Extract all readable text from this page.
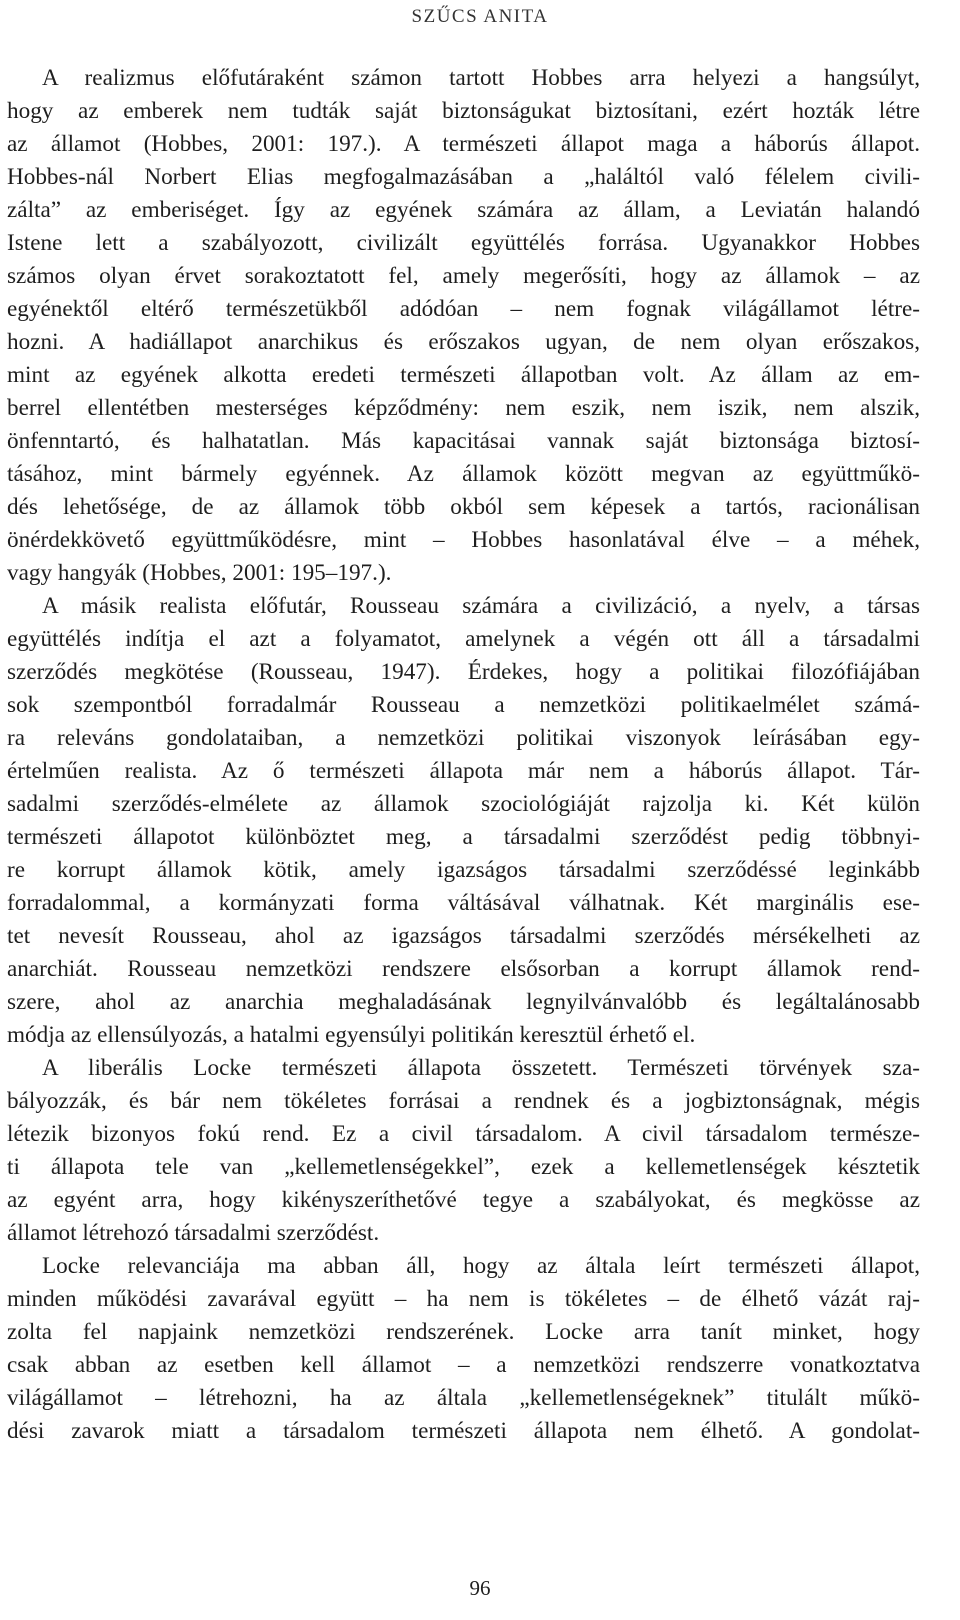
SZŰCS ANITA

A realizmus előfutáraként számon tartott Hobbes arra helyezi a hangsúlyt,
hogy az emberek nem tudták saját biztonságukat biztosítani, ezért hozták létre
az államot (Hobbes, 2001: 197.). A természeti állapot maga a háborús állapot.
Hobbes-nál Norbert Elias megfogalmazásában a „haláltól való félelem civili-
zálta” az emberiséget. Így az egyének számára az állam, a Leviatán halandó
Istene lett a szabályozott, civilizált együttélés forrása. Ugyanakkor Hobbes
számos olyan érvet sorakoztatott fel, amely megerősíti, hogy az államok – az
egyénektől eltérő természetükből adódóan – nem fognak világállamot létre-
hozni. A hadiállapot anarchikus és erőszakos ugyan, de nem olyan erőszakos,
mint az egyének alkotta eredeti természeti állapotban volt. Az állam az em-
berrel ellentétben mesterséges képződmény: nem eszik, nem iszik, nem alszik,
önfenntartó, és halhatatlan. Más kapacitásai vannak saját biztonsága biztosí-
tásához, mint bármely egyénnek. Az államok között megvan az együttműkö-
dés lehetősége, de az államok több okból sem képesek a tartós, racionálisan
önérdekkövető együttműködésre, mint – Hobbes hasonlatával élve – a méhek,
vagy hangyák (Hobbes, 2001: 195–197.).

A másik realista előfutár, Rousseau számára a civilizáció, a nyelv, a társas
együttélés indítja el azt a folyamatot, amelynek a végén ott áll a társadalmi
szerződés megkötése (Rousseau, 1947). Érdekes, hogy a politikai filozófiájában
sok szempontból forradalmár Rousseau a nemzetközi politikaelmélet számá-
ra releváns gondolataiban, a nemzetközi politikai viszonyok leírásában egy-
értelműen realista. Az ő természeti állapota már nem a háborús állapot. Tár-
sadalmi szerződés-elmélete az államok szociológiáját rajzolja ki. Két külön
természeti állapotot különböztet meg, a társadalmi szerződést pedig többnyi-
re korrupt államok kötik, amely igazságos társadalmi szerződéssé leginkább
forradalommal, a kormányzati forma váltásával válhatnak. Két marginális ese-
tet nevesít Rousseau, ahol az igazságos társadalmi szerződés mérsékelheti az
anarchiát. Rousseau nemzetközi rendszere elsősorban a korrupt államok rend-
szere, ahol az anarchia meghaladásának legnyilvánvalóbb és legáltalánosabb
módja az ellensúlyozás, a hatalmi egyensúlyi politikán keresztül érhető el.

A liberális Locke természeti állapota összetett. Természeti törvények sza-
bályozzák, és bár nem tökéletes forrásai a rendnek és a jogbiztonságnak, mégis
létezik bizonyos fokú rend. Ez a civil társadalom. A civil társadalom természe-
ti állapota tele van „kellemetlenségekkel”, ezek a kellemetlenségek késztetik
az egyént arra, hogy kikényszeríthetővé tegye a szabályokat, és megkösse az
államot létrehozó társadalmi szerződést.

Locke relevanciája ma abban áll, hogy az általa leírt természeti állapot,
minden működési zavarával együtt – ha nem is tökéletes – de élhető vázát raj-
zolta fel napjaink nemzetközi rendszerének. Locke arra tanít minket, hogy
csak abban az esetben kell államot – a nemzetközi rendszerre vonatkoztatva
világállamot – létrehozni, ha az általa „kellemetlenségeknek” titulált műkö-
dési zavarok miatt a társadalom természeti állapota nem élhető. A gondolat-

96
